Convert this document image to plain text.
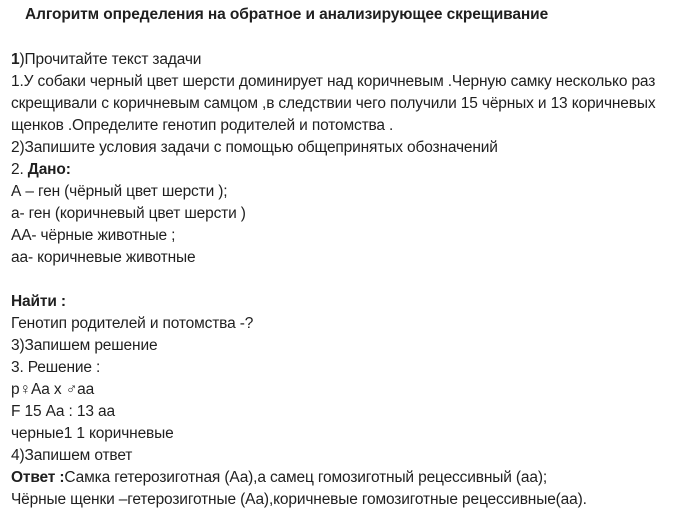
Алгоритм определения на обратное и анализирующее скрещивание
1)Прочитайте текст задачи
1.У собаки черный цвет шерсти доминирует над коричневым .Черную самку несколько раз
скрещивали с коричневым самцом ,в следствии чего получили 15 чёрных и 13 коричневых
щенков .Определите генотип родителей и потомства .
2)Запишите условия задачи с помощью общепринятых обозначений
2. Дано:
А – ген (чёрный цвет шерсти );
а- ген (коричневый цвет шерсти )
АА- чёрные животные ;
аа- коричневые животные
Найти :
Генотип родителей и потомства -?
3)Запишем решение
3. Решение :
р♀Аа х ♂аа
F 15 Аа : 13 аа
черные1 1 коричневые
4)Запишем ответ
Ответ :Самка гетерозиготная (Аа),а самец гомозиготный рецессивный (аа);
Чёрные щенки –гетерозиготные (Аа),коричневые гомозиготные рецессивные(аа).
